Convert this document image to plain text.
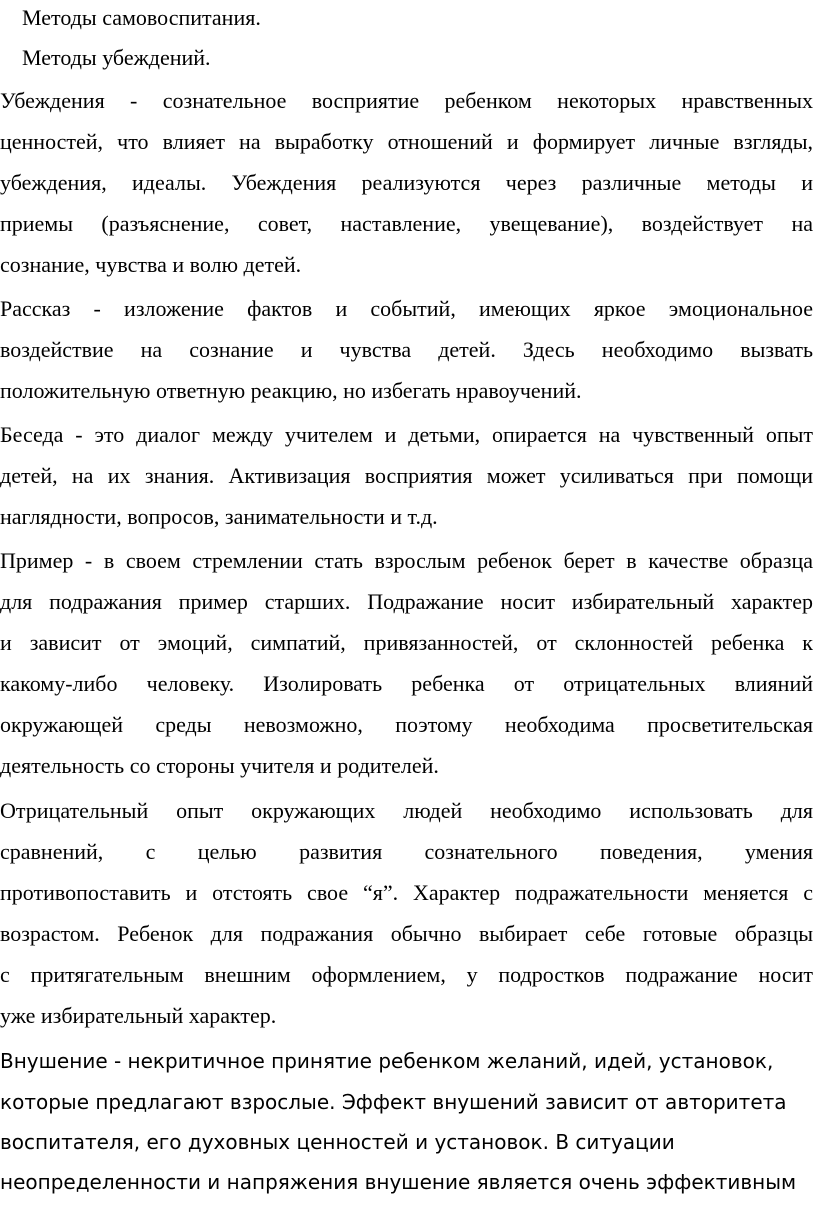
Методы самовоспитания.
Методы убеждений.
Убеждения - сознательное восприятие ребенком некоторых нравственных
ценностей, что влияет на выработку отношений и формирует личные взгляды,
убеждения, идеалы. Убеждения реализуются через различные методы и
приемы (разъяснение, совет, наставление, увещевание), воздействует на
сознание, чувства и волю детей.
Рассказ - изложение фактов и событий, имеющих яркое эмоциональное
воздействие на сознание и чувства детей. Здесь необходимо вызвать
положительную ответную реакцию, но избегать нравоучений.
Беседа - это диалог между учителем и детьми, опирается на чувственный опыт
детей, на их знания. Активизация восприятия может усиливаться при помощи
наглядности, вопросов, занимательности и т.д.
Пример - в своем стремлении стать взрослым ребенок берет в качестве образца
для подражания пример старших. Подражание носит избирательный характер
и зависит от эмоций, симпатий, привязанностей, от склонностей ребенка к
какому-либо человеку. Изолировать ребенка от отрицательных влияний
окружающей среды невозможно, поэтому необходима просветительская
деятельность со стороны учителя и родителей.
Отрицательный опыт окружающих людей необходимо использовать для
сравнений, с целью развития сознательного поведения, умения
противопоставить и отстоять свое “я”. Характер подражательности меняется с
возрастом. Ребенок для подражания обычно выбирает себе готовые образцы
с притягательным внешним оформлением, у подростков подражание носит
уже избирательный характер.
Внушение - некритичное принятие ребенком желаний, идей, установок,
которые предлагают взрослые. Эффект внушений зависит от авторитета
воспитателя, его духовных ценностей и установок. В ситуации
неопределенности и напряжения внушение является очень эффективным
